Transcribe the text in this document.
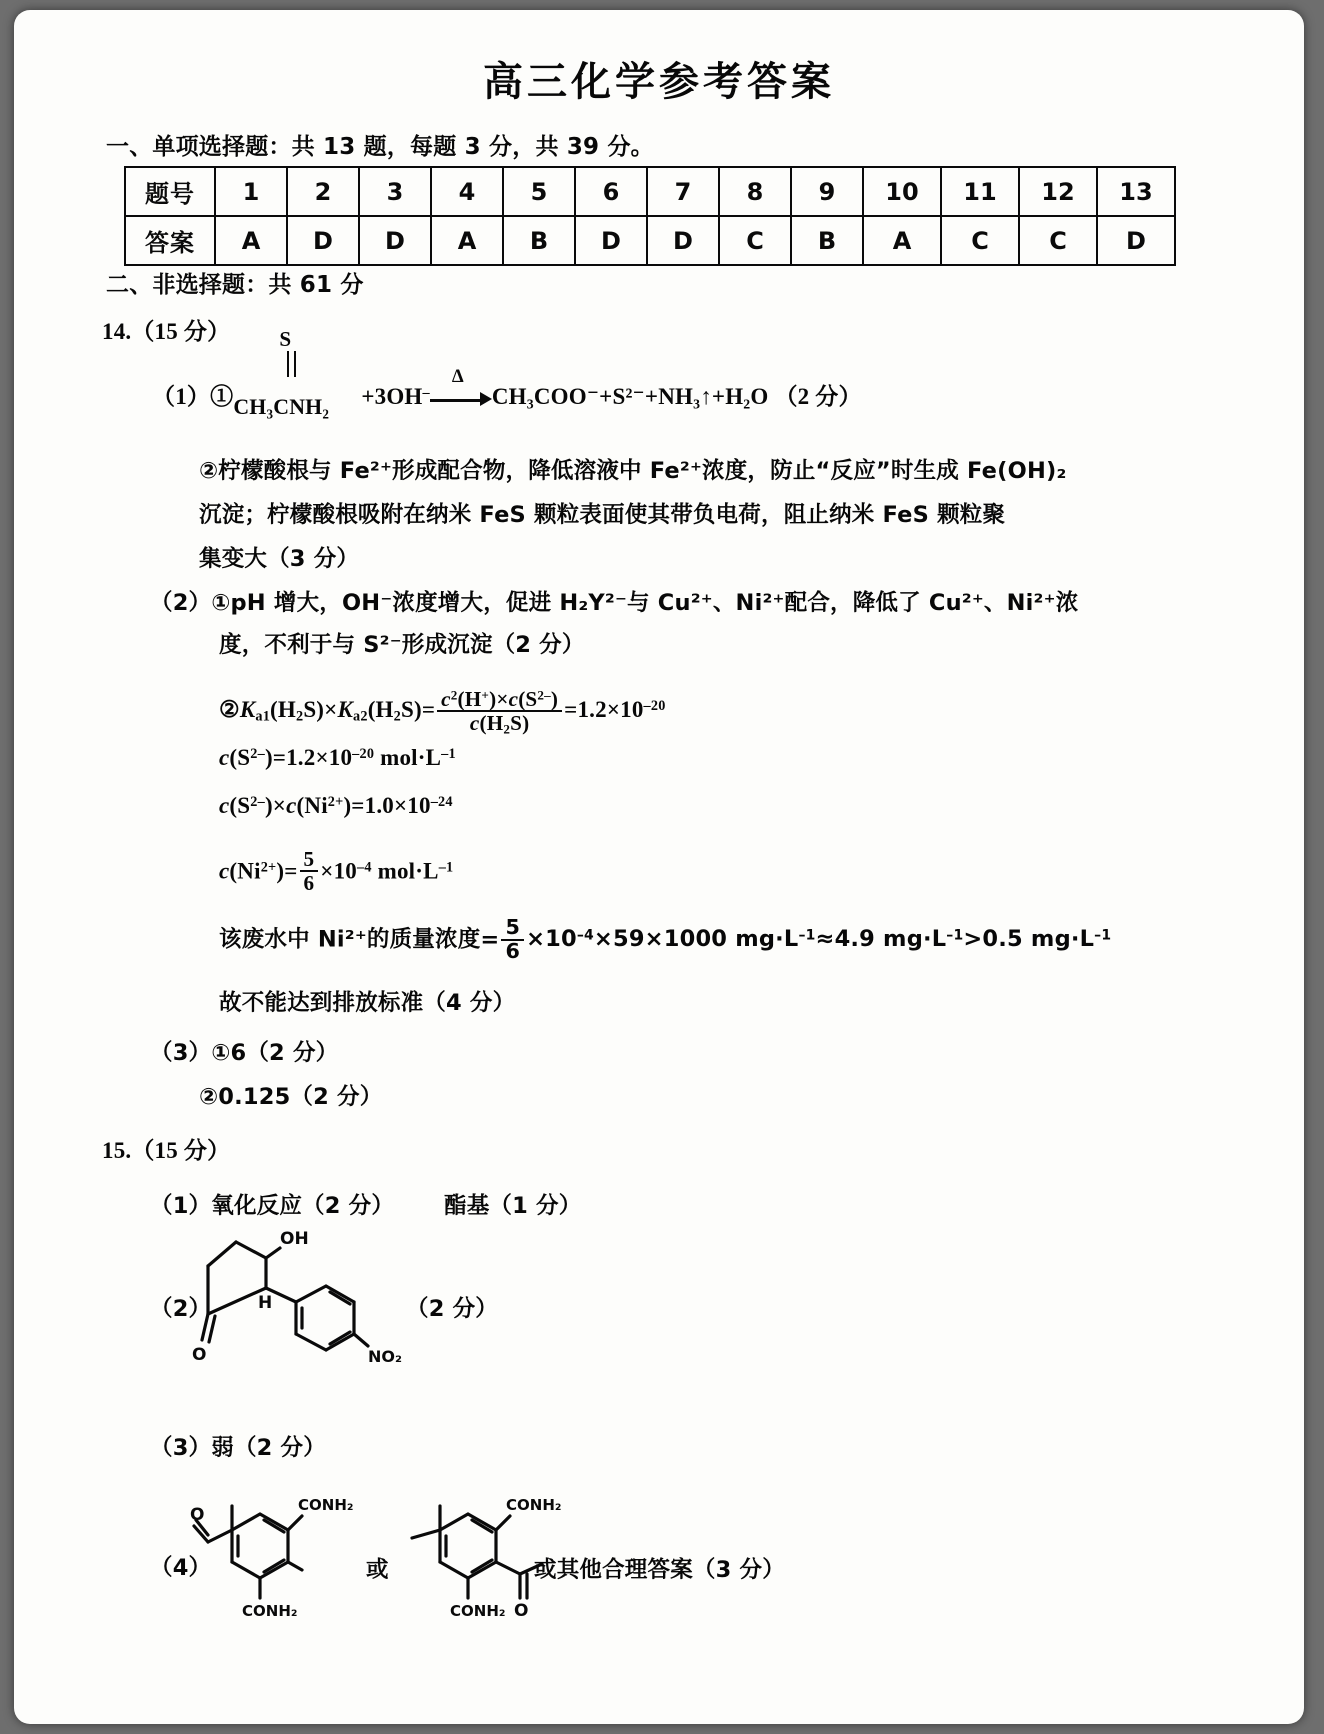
高三化学参考答案
一、单项选择题：共 13 题，每题 3 分，共 39 分。
题号	1	2	3	4	5	6	7	8	9	10	11	12	13
答案	A	D	D	A	B	D	D	C	B	A	C	C	D
二、非选择题：共 61 分
14.（15 分）
（1）①
S
CH₃CNH₂ +3OH–
Δ
CH₃COO⁻+S²⁻+NH₃↑+H₂O （2 分）
②柠檬酸根与 Fe²⁺形成配合物，降低溶液中 Fe²⁺浓度，防止“反应”时生成 Fe(OH)₂
沉淀；柠檬酸根吸附在纳米 FeS 颗粒表面使其带负电荷，阻止纳米 FeS 颗粒聚
集变大（3 分）
（2）①pH 增大，OH⁻浓度增大，促进 H₂Y²⁻与 Cu²⁺、Ni²⁺配合，降低了 Cu²⁺、Ni²⁺浓
度，不利于与 S²⁻形成沉淀（2 分）
$②K_{a1}(H_2S)\times K_{a2}(H_2S)= \frac{c^2(H^+)\times c(S^{2-})}{c(H_2S)} =1.2\times 10^{-20}$
$c(S^{2-})=1.2\times 10^{-20}$ $mol\cdot L^{-1}$
$c(S^{2-})\times c(Ni^{2+})=1.0\times 10^{-24}$
$c(Ni^{2+})= \frac{5}{6} \times 10^{-4}$ $mol\cdot L^{-1}$
该废水中 Ni²⁺的质量浓度= $\frac{5}{6} \times 10^{-4}\times 59\times 1000$ $mg\cdot L^{-1}\approx 4.9$ $mg\cdot L^{-1}>0.5$ $mg\cdot L^{-1}$
故不能达到排放标准（4 分）
（3）①6（2 分）
②0.125（2 分）
15.（15 分）
（1）氧化反应（2 分） 酯基（1 分）
（2）	（2 分）
OH
H
O	NO₂
（3）弱（2 分）
（4）
O	CONH₂
CONH₂
或
CONH₂
CONH₂ O
或其他合理答案（3 分）
